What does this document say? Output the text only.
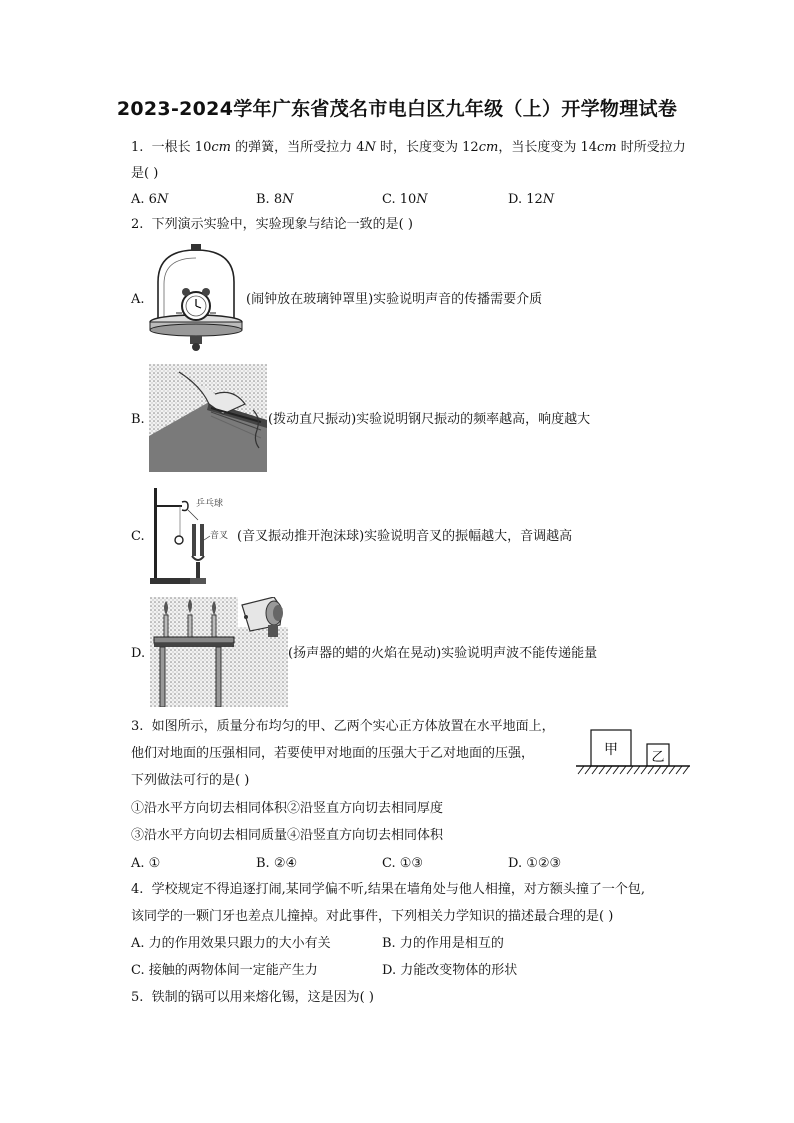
2023-2024学年广东省茂名市电白区九年级（上）开学物理试卷
1. 一根长 10cm 的弹簧，当所受拉力 4N 时，长度变为 12cm，当长度变为 14cm 时所受拉力
是( )
A. 6N	B. 8N	C. 10N	D. 12N
2. 下列演示实验中，实验现象与结论一致的是( )
A.	(闹钟放在玻璃钟罩里)实验说明声音的传播需要介质
B.	(拨动直尺振动)实验说明钢尺振动的频率越高，响度越大
C.
乒乓球
音叉 (音叉振动推开泡沫球)实验说明音叉的振幅越大，音调越高
D.	(扬声器的蜡的火焰在晃动)实验说明声波不能传递能量
3. 如图所示，质量分布均匀的甲、乙两个实心正方体放置在水平地面上，
他们对地面的压强相同，若要使甲对地面的压强大于乙对地面的压强，
下列做法可行的是( )
①沿水平方向切去相同体积②沿竖直方向切去相同厚度
③沿水平方向切去相同质量④沿竖直方向切去相同体积
A. ①	B. ②④	C. ①③	D. ①②③
甲	乙
4. 学校规定不得追逐打闹,某同学偏不听,结果在墙角处与他人相撞，对方额头撞了一个包,
该同学的一颗门牙也差点儿撞掉。对此事件，下列相关力学知识的描述最合理的是( )
A. 力的作用效果只跟力的大小有关	B. 力的作用是相互的
C. 接触的两物体间一定能产生力	D. 力能改变物体的形状
5. 铁制的锅可以用来熔化锡，这是因为( )
